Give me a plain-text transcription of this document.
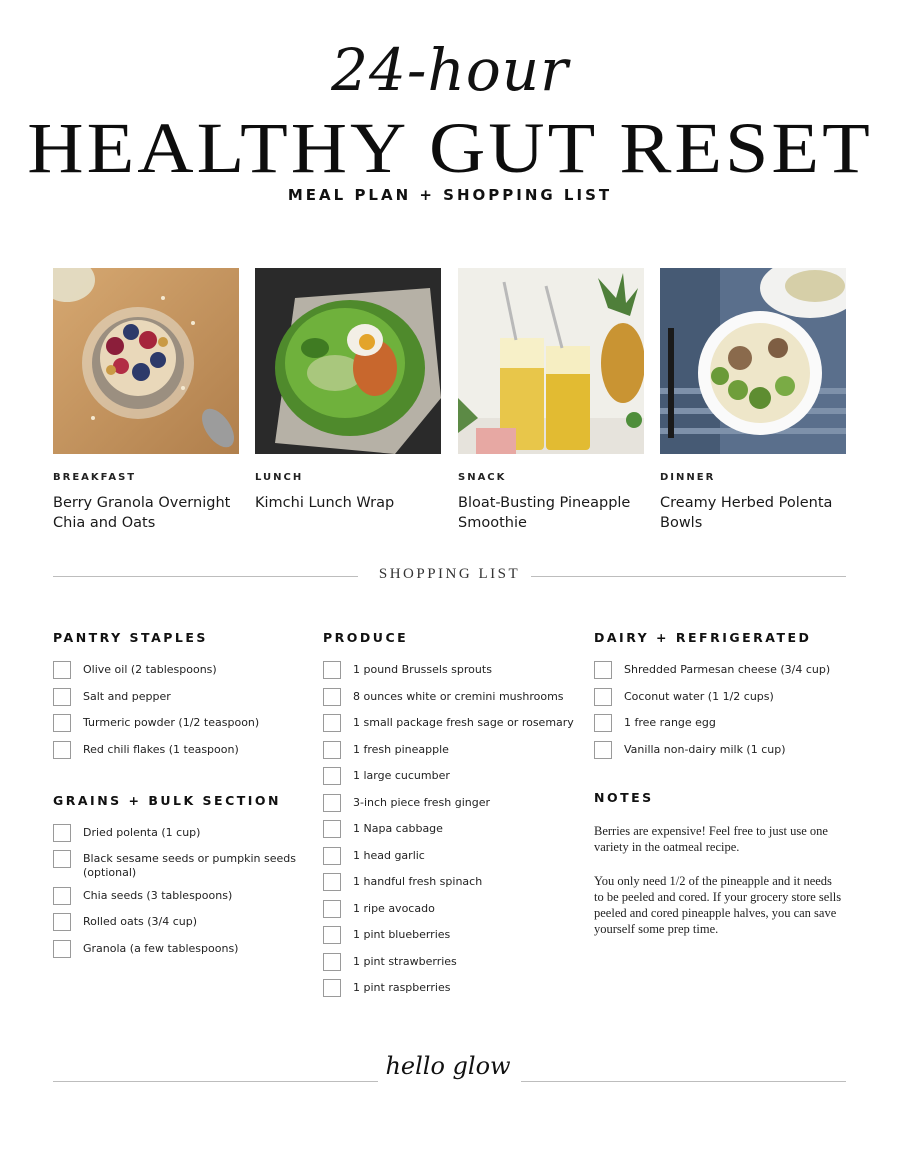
24-hour
HEALTHY GUT RESET
MEAL PLAN + SHOPPING LIST
BREAKFAST
Berry Granola Overnight Chia and Oats
LUNCH
Kimchi Lunch Wrap
SNACK
Bloat-Busting Pineapple Smoothie
DINNER
Creamy Herbed Polenta Bowls
SHOPPING LIST
PANTRY STAPLES
Olive oil (2 tablespoons)
Salt and pepper
Turmeric powder (1/2 teaspoon)
Red chili flakes (1 teaspoon)
GRAINS + BULK SECTION
Dried polenta (1 cup)
Black sesame seeds or pumpkin seeds (optional)
Chia seeds (3 tablespoons)
Rolled oats (3/4 cup)
Granola (a few tablespoons)
PRODUCE
1 pound Brussels sprouts
8 ounces white or cremini mushrooms
1 small package fresh sage or rosemary
1 fresh pineapple
1 large cucumber
3-inch piece fresh ginger
1 Napa cabbage
1 head garlic
1 handful fresh spinach
1 ripe avocado
1 pint blueberries
1 pint strawberries
1 pint raspberries
DAIRY + REFRIGERATED
Shredded Parmesan cheese (3/4 cup)
Coconut water (1 1/2 cups)
1 free range egg
Vanilla non-dairy milk (1 cup)
NOTES
Berries are expensive! Feel free to just use one variety in the oatmeal recipe.
You only need 1/2 of the pineapple and it needs to be peeled and cored. If your grocery store sells peeled and cored pineapple halves, you can save yourself some prep time.
hello glow
